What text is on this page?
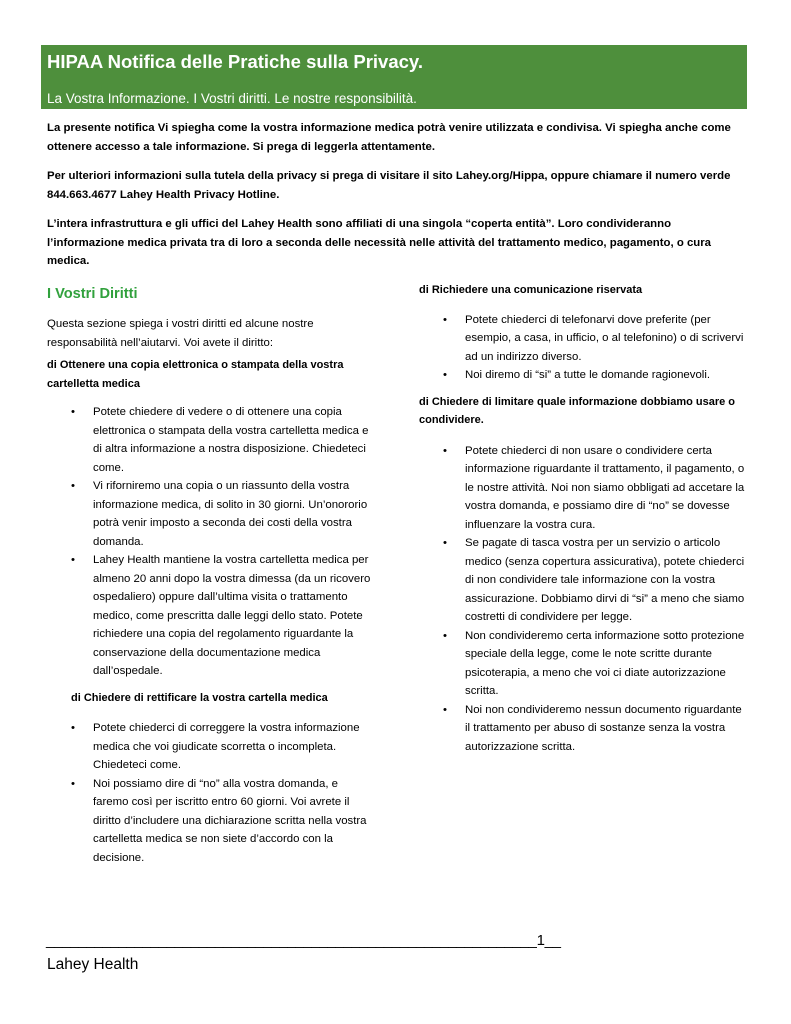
HIPAA Notifica delle Pratiche sulla Privacy.
La Vostra Informazione. I Vostri diritti. Le nostre responsibilità.

La presente notifica Vi spiegha come la vostra informazione medica potrà venire utilizzata e condivisa. Vi spiegha anche come ottenere accesso a tale informazione. Si prega di leggerla attentamente.

Per ulteriori informazioni sulla tutela della privacy si prega di visitare il sito Lahey.org/Hippa, oppure chiamare il numero verde 844.663.4677 Lahey Health Privacy Hotline.

L’intera infrastruttura e gli uffici del Lahey Health sono affiliati di una singola “coperta entità”. Loro condivideranno l’informazione medica privata tra di loro a seconda delle necessità nelle attività del trattamento medico, pagamento, o cura medica.

I Vostri Diritti

Questa sezione spiega i vostri diritti ed alcune nostre responsabilità nell’aiutarvi. Voi avete il diritto:

di Ottenere una copia elettronica o stampata della vostra cartelletta medica

• Potete chiedere di vedere o di ottenere una copia elettronica o stampata della vostra cartelletta medica e di altra informazione a nostra disposizione. Chiedeteci come.
• Vi riforniremo una copia o un riassunto della vostra informazione medica, di solito in 30 giorni. Un’onororio potrà venir imposto a seconda dei costi della vostra domanda.
• Lahey Health mantiene la vostra cartelletta medica per almeno 20 anni dopo la vostra dimessa (da un ricovero ospedaliero) oppure dall’ultima visita o trattamento medico, come prescritta dalle leggi dello stato. Potete richiedere una copia del regolamento riguardante la conservazione della documentazione medica dall’ospedale.

di Chiedere di rettificare la vostra cartella medica

• Potete chiederci di correggere la vostra informazione medica che voi giudicate scorretta o incompleta. Chiedeteci come.
• Noi possiamo dire di “no” alla vostra domanda, e faremo così per iscritto entro 60 giorni. Voi avrete il diritto d’includere una dichiarazione scritta nella vostra cartelletta medica se non siete d’accordo con la decisione.

di Richiedere una comunicazione riservata

• Potete chiederci di telefonarvi dove preferite (per esempio, a casa, in ufficio, o al telefonino) o di scrivervi ad un indirizzo diverso.
• Noi diremo di “si” a tutte le domande ragionevoli.

di Chiedere di limitare quale informazione dobbiamo usare o condividere.

• Potete chiederci di non usare o condividere certa informazione riguardante il trattamento, il pagamento, o le nostre attività. Noi non siamo obbligati ad accetare la vostra domanda, e possiamo dire di “no” se dovesse influenzare la vostra cura.
• Se pagate di tasca vostra per un servizio o articolo medico (senza copertura assicurativa), potete chiederci di non condividere tale informazione con la vostra assicurazione. Dobbiamo dirvi di “si” a meno che siamo costretti di condividere per legge.
• Non condivideremo certa informazione sotto protezione speciale della legge, come le note scritte durante psicoterapia, a meno che voi ci diate autorizzazione scritta.
• Noi non condivideremo nessun documento riguardante il trattamento per abuso di sostanze senza la vostra autorizzazione scritta.
_____________________________________________________________1__
Lahey Health
